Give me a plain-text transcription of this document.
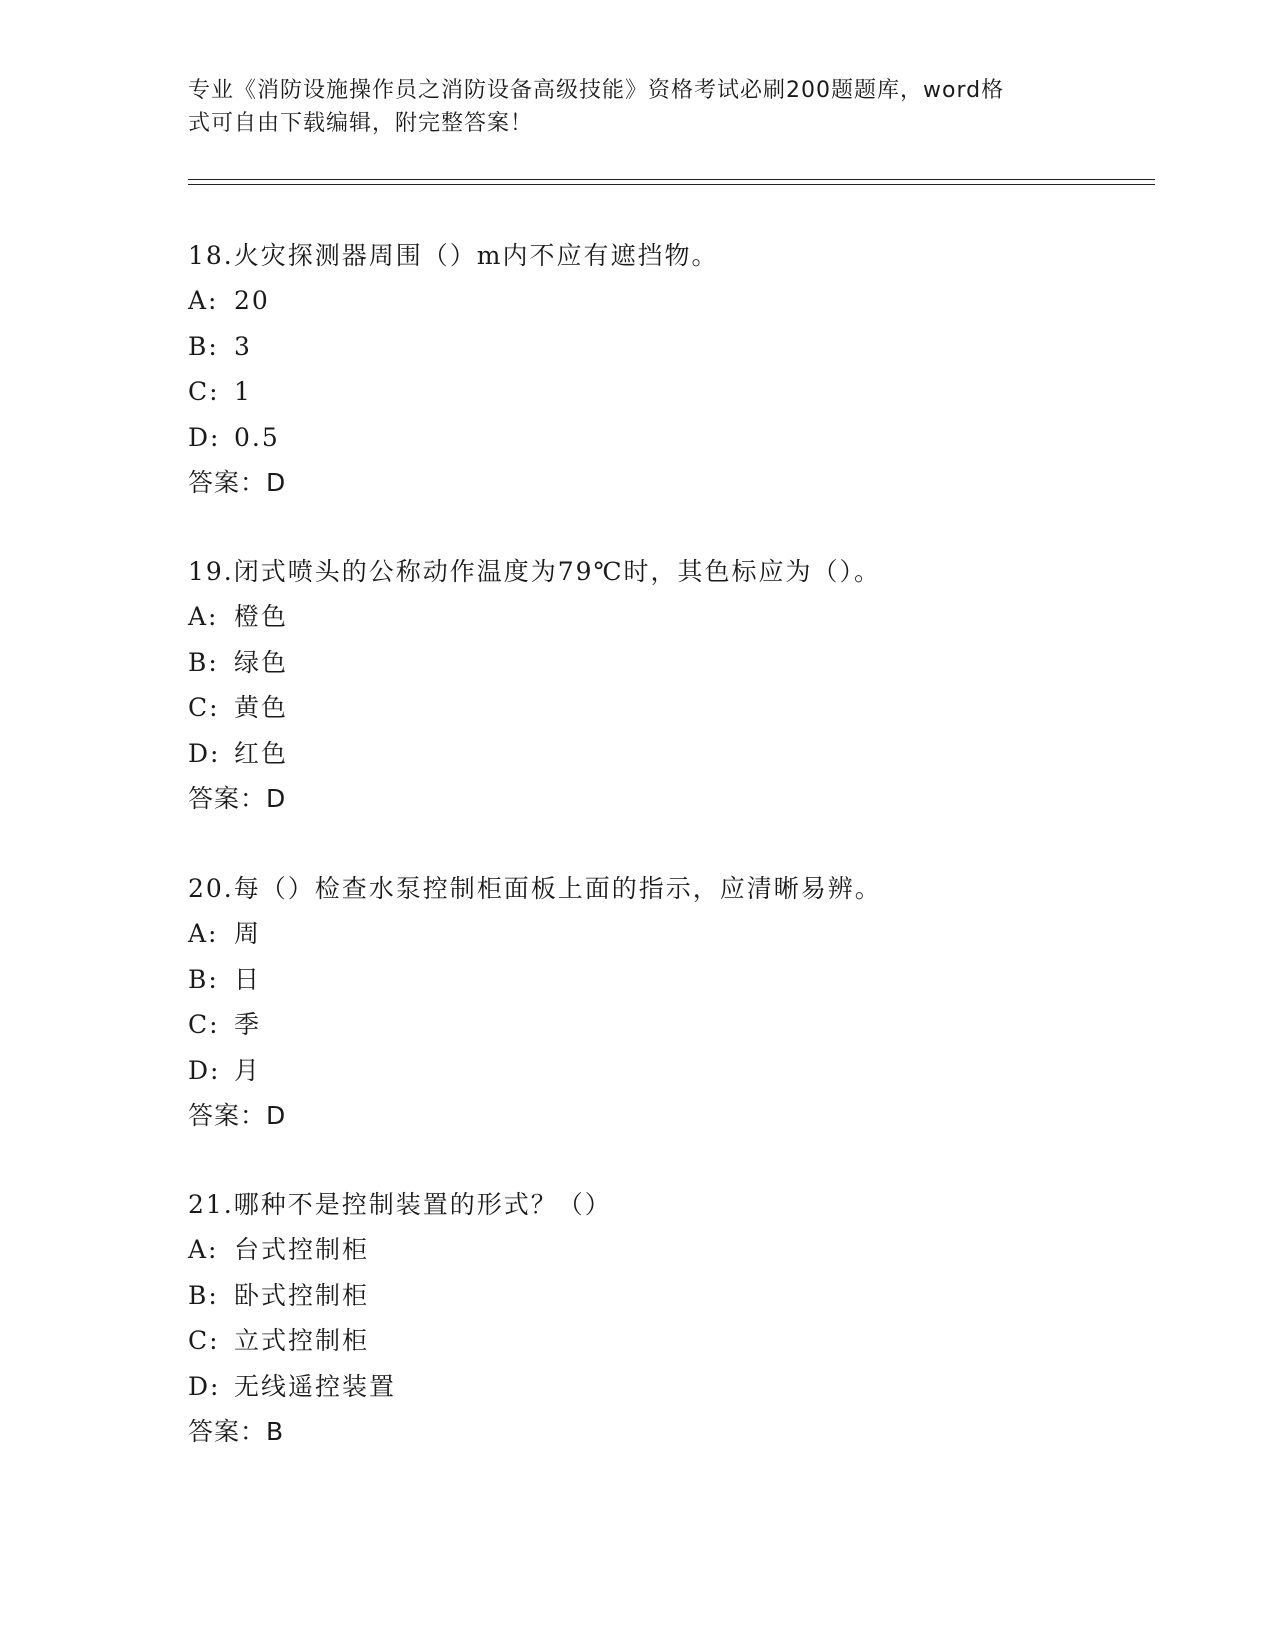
专业《消防设施操作员之消防设备高级技能》资格考试必刷200题题库，word格
式可自由下载编辑，附完整答案！
18.火灾探测器周围（）m内不应有遮挡物。
A: 20
B: 3
C: 1
D: 0.5
答案：D
19.闭式喷头的公称动作温度为79℃时，其色标应为（）。
A: 橙色
B: 绿色
C: 黄色
D: 红色
答案：D
20.每（）检查水泵控制柜面板上面的指示，应清晰易辨。
A: 周
B: 日
C: 季
D: 月
答案：D
21.哪种不是控制装置的形式？（）
A: 台式控制柜
B: 卧式控制柜
C: 立式控制柜
D: 无线遥控装置
答案：B
